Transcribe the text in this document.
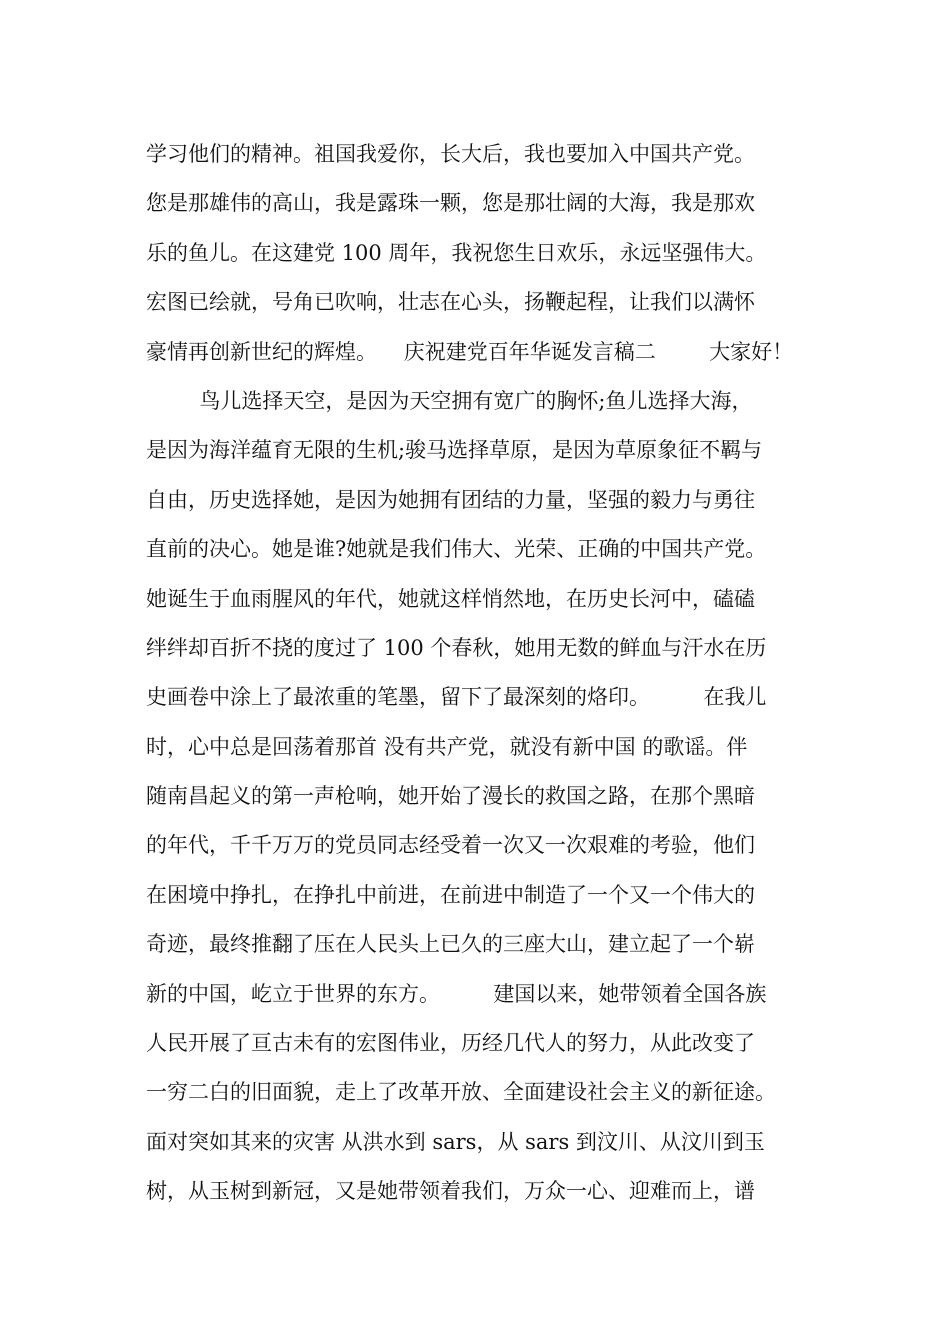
学习他们的精神。祖国我爱你，长大后，我也要加入中国共产党。
您是那雄伟的高山，我是露珠一颗，您是那壮阔的大海，我是那欢
乐的鱼儿。在这建党 100 周年，我祝您生日欢乐，永远坚强伟大。
宏图已绘就，号角已吹响，壮志在心头，扬鞭起程，让我们以满怀
豪情再创新世纪的辉煌。    庆祝建党百年华诞发言稿二        大家好！
鸟儿选择天空，是因为天空拥有宽广的胸怀;鱼儿选择大海，
是因为海洋蕴育无限的生机;骏马选择草原，是因为草原象征不羁与
自由，历史选择她，是因为她拥有团结的力量，坚强的毅力与勇往
直前的决心。她是谁?她就是我们伟大、光荣、正确的中国共产党。
她诞生于血雨腥风的年代，她就这样悄然地，在历史长河中，磕磕
绊绊却百折不挠的度过了 100 个春秋，她用无数的鲜血与汗水在历
史画卷中涂上了最浓重的笔墨，留下了最深刻的烙印。        在我儿
时，心中总是回荡着那首 没有共产党，就没有新中国 的歌谣。伴
随南昌起义的第一声枪响，她开始了漫长的救国之路，在那个黑暗
的年代，千千万万的党员同志经受着一次又一次艰难的考验，他们
在困境中挣扎，在挣扎中前进，在前进中制造了一个又一个伟大的
奇迹，最终推翻了压在人民头上已久的三座大山，建立起了一个崭
新的中国，屹立于世界的东方。        建国以来，她带领着全国各族
人民开展了亘古未有的宏图伟业，历经几代人的努力，从此改变了
一穷二白的旧面貌，走上了改革开放、全面建设社会主义的新征途。
面对突如其来的灾害 从洪水到 sars，从 sars 到汶川、从汶川到玉
树，从玉树到新冠，又是她带领着我们，万众一心、迎难而上，谱
